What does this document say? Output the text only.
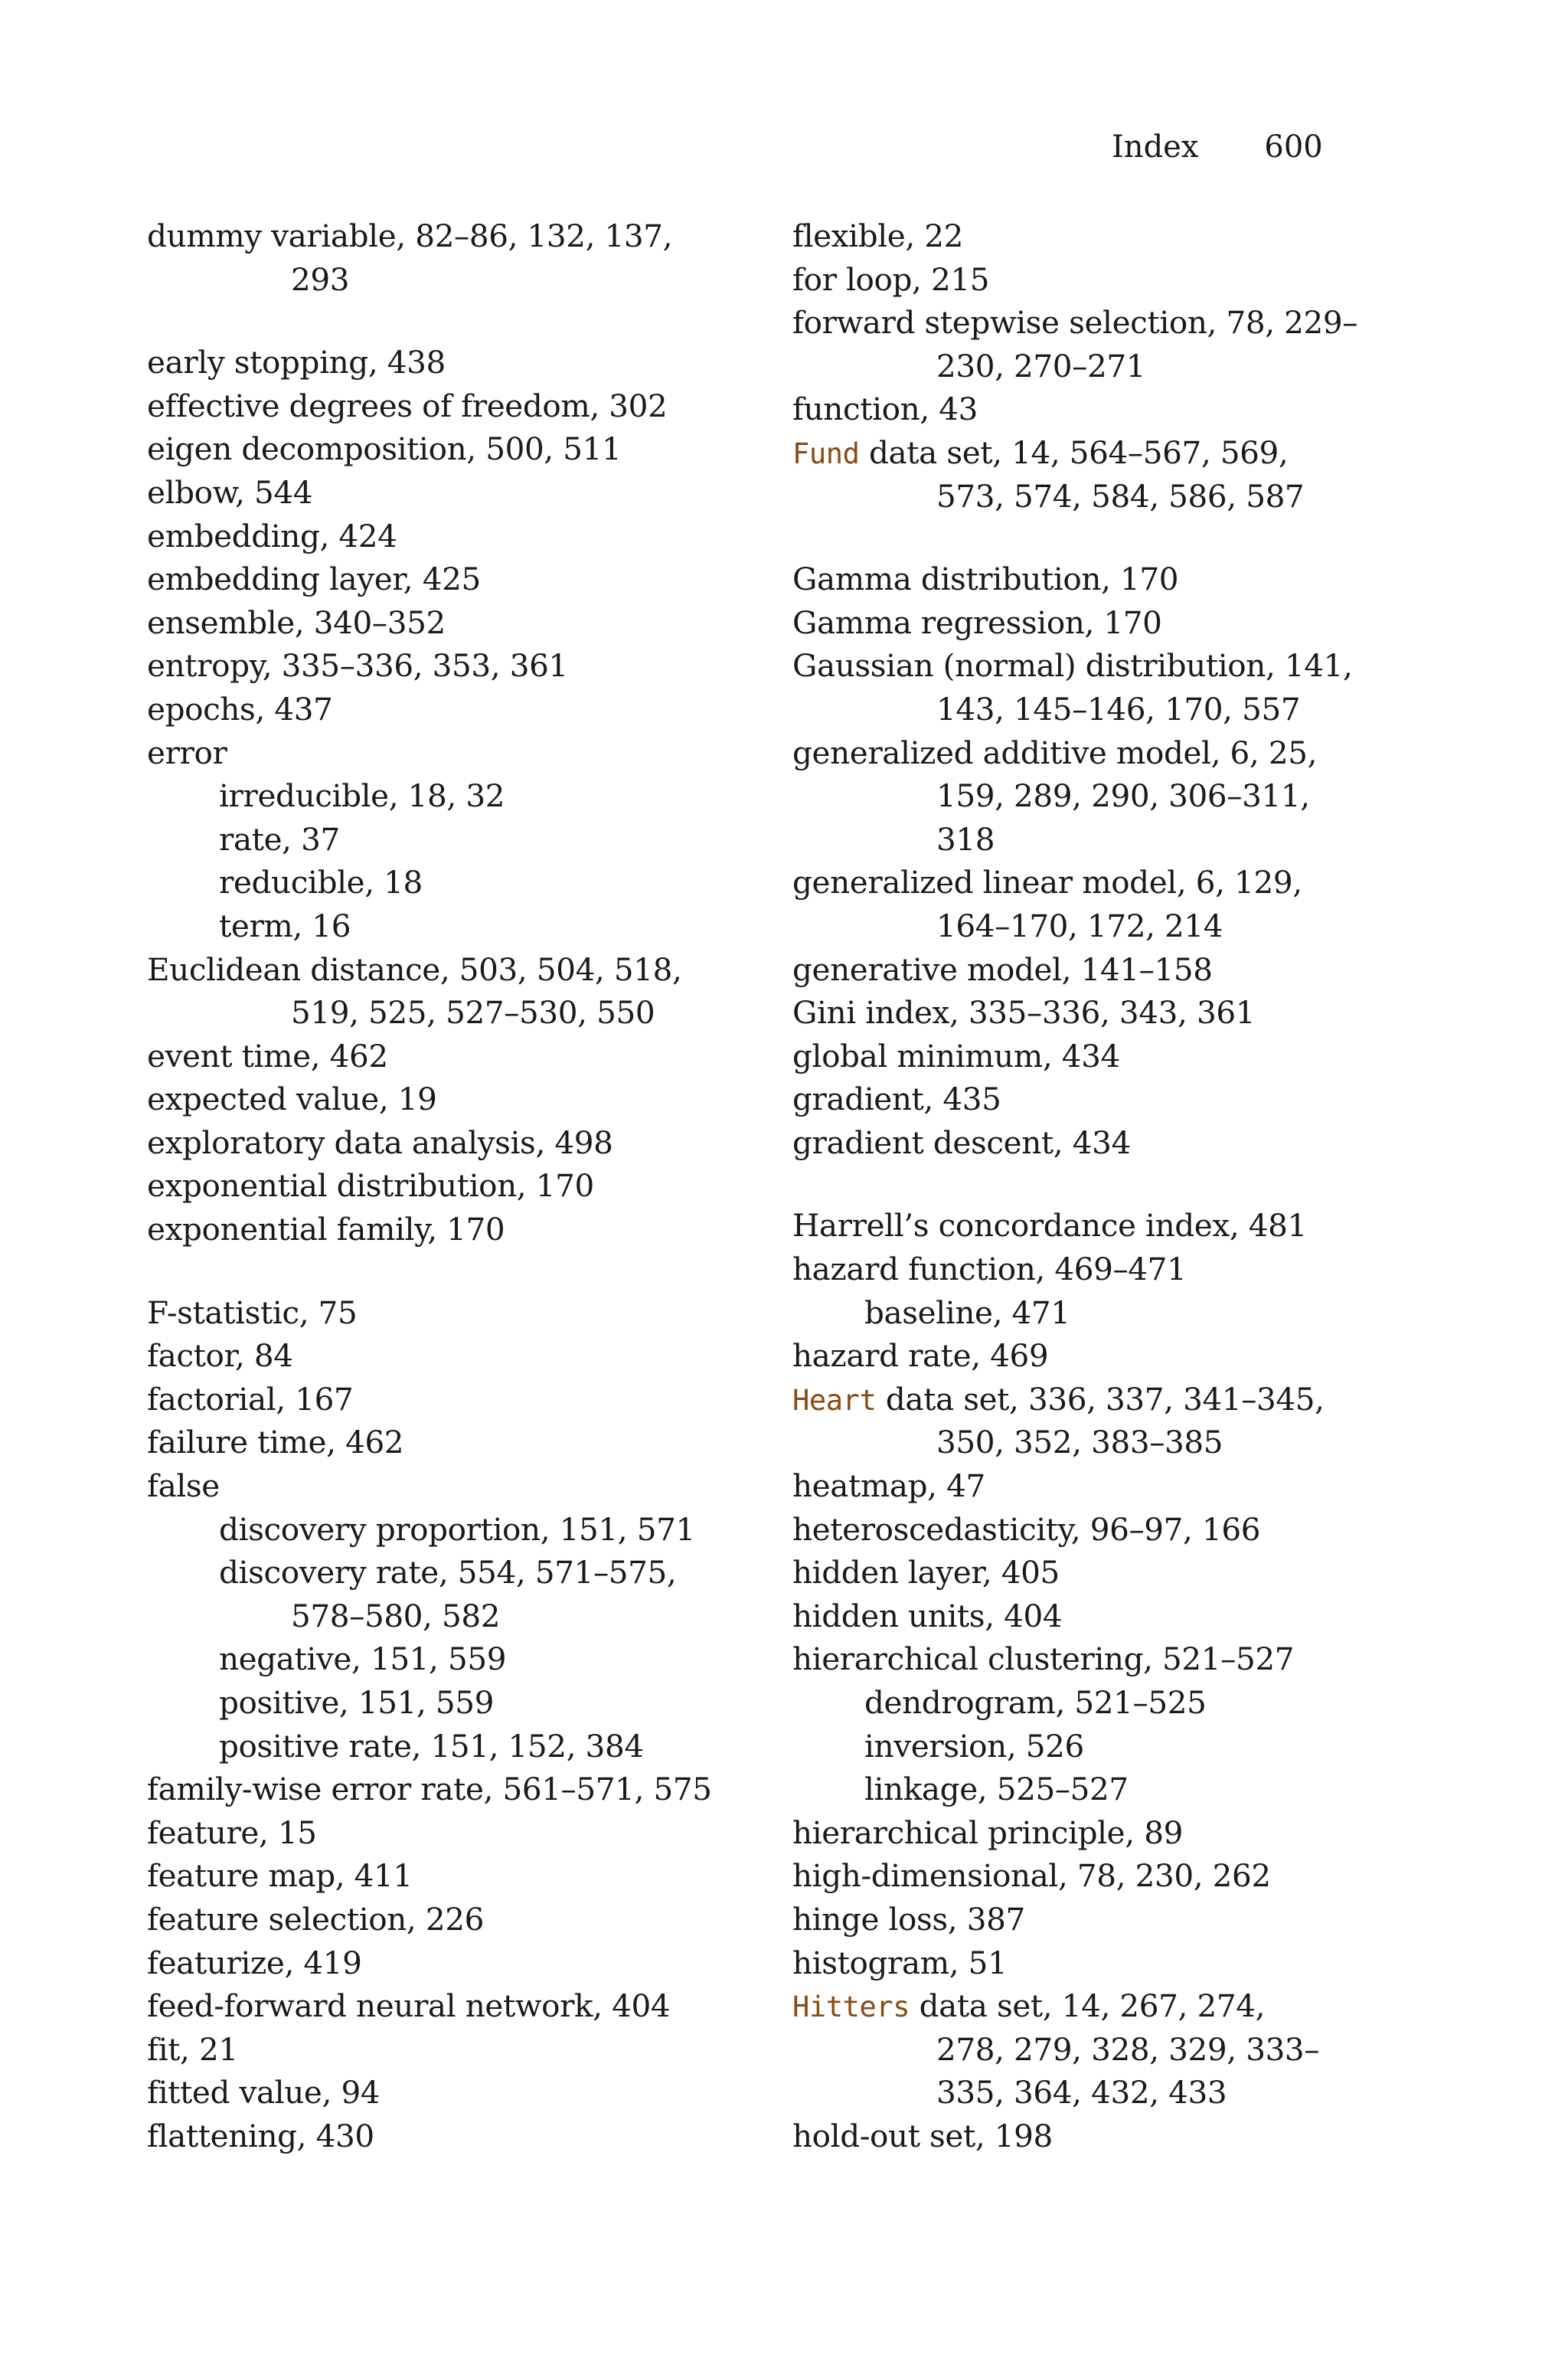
Index 600
dummy variable, 82–86, 132, 137,
293
early stopping, 438
effective degrees of freedom, 302
eigen decomposition, 500, 511
elbow, 544
embedding, 424
embedding layer, 425
ensemble, 340–352
entropy, 335–336, 353, 361
epochs, 437
error
irreducible, 18, 32
rate, 37
reducible, 18
term, 16
Euclidean distance, 503, 504, 518,
519, 525, 527–530, 550
event time, 462
expected value, 19
exploratory data analysis, 498
exponential distribution, 170
exponential family, 170
F-statistic, 75
factor, 84
factorial, 167
failure time, 462
false
discovery proportion, 151, 571
discovery rate, 554, 571–575,
578–580, 582
negative, 151, 559
positive, 151, 559
positive rate, 151, 152, 384
family-wise error rate, 561–571, 575
feature, 15
feature map, 411
feature selection, 226
featurize, 419
feed-forward neural network, 404
fit, 21
fitted value, 94
flattening, 430
flexible, 22
for loop, 215
forward stepwise selection, 78, 229–
230, 270–271
function, 43
Fund data set, 14, 564–567, 569,
573, 574, 584, 586, 587
Gamma distribution, 170
Gamma regression, 170
Gaussian (normal) distribution, 141,
143, 145–146, 170, 557
generalized additive model, 6, 25,
159, 289, 290, 306–311,
318
generalized linear model, 6, 129,
164–170, 172, 214
generative model, 141–158
Gini index, 335–336, 343, 361
global minimum, 434
gradient, 435
gradient descent, 434
Harrell’s concordance index, 481
hazard function, 469–471
baseline, 471
hazard rate, 469
Heart data set, 336, 337, 341–345,
350, 352, 383–385
heatmap, 47
heteroscedasticity, 96–97, 166
hidden layer, 405
hidden units, 404
hierarchical clustering, 521–527
dendrogram, 521–525
inversion, 526
linkage, 525–527
hierarchical principle, 89
high-dimensional, 78, 230, 262
hinge loss, 387
histogram, 51
Hitters data set, 14, 267, 274,
278, 279, 328, 329, 333–
335, 364, 432, 433
hold-out set, 198
